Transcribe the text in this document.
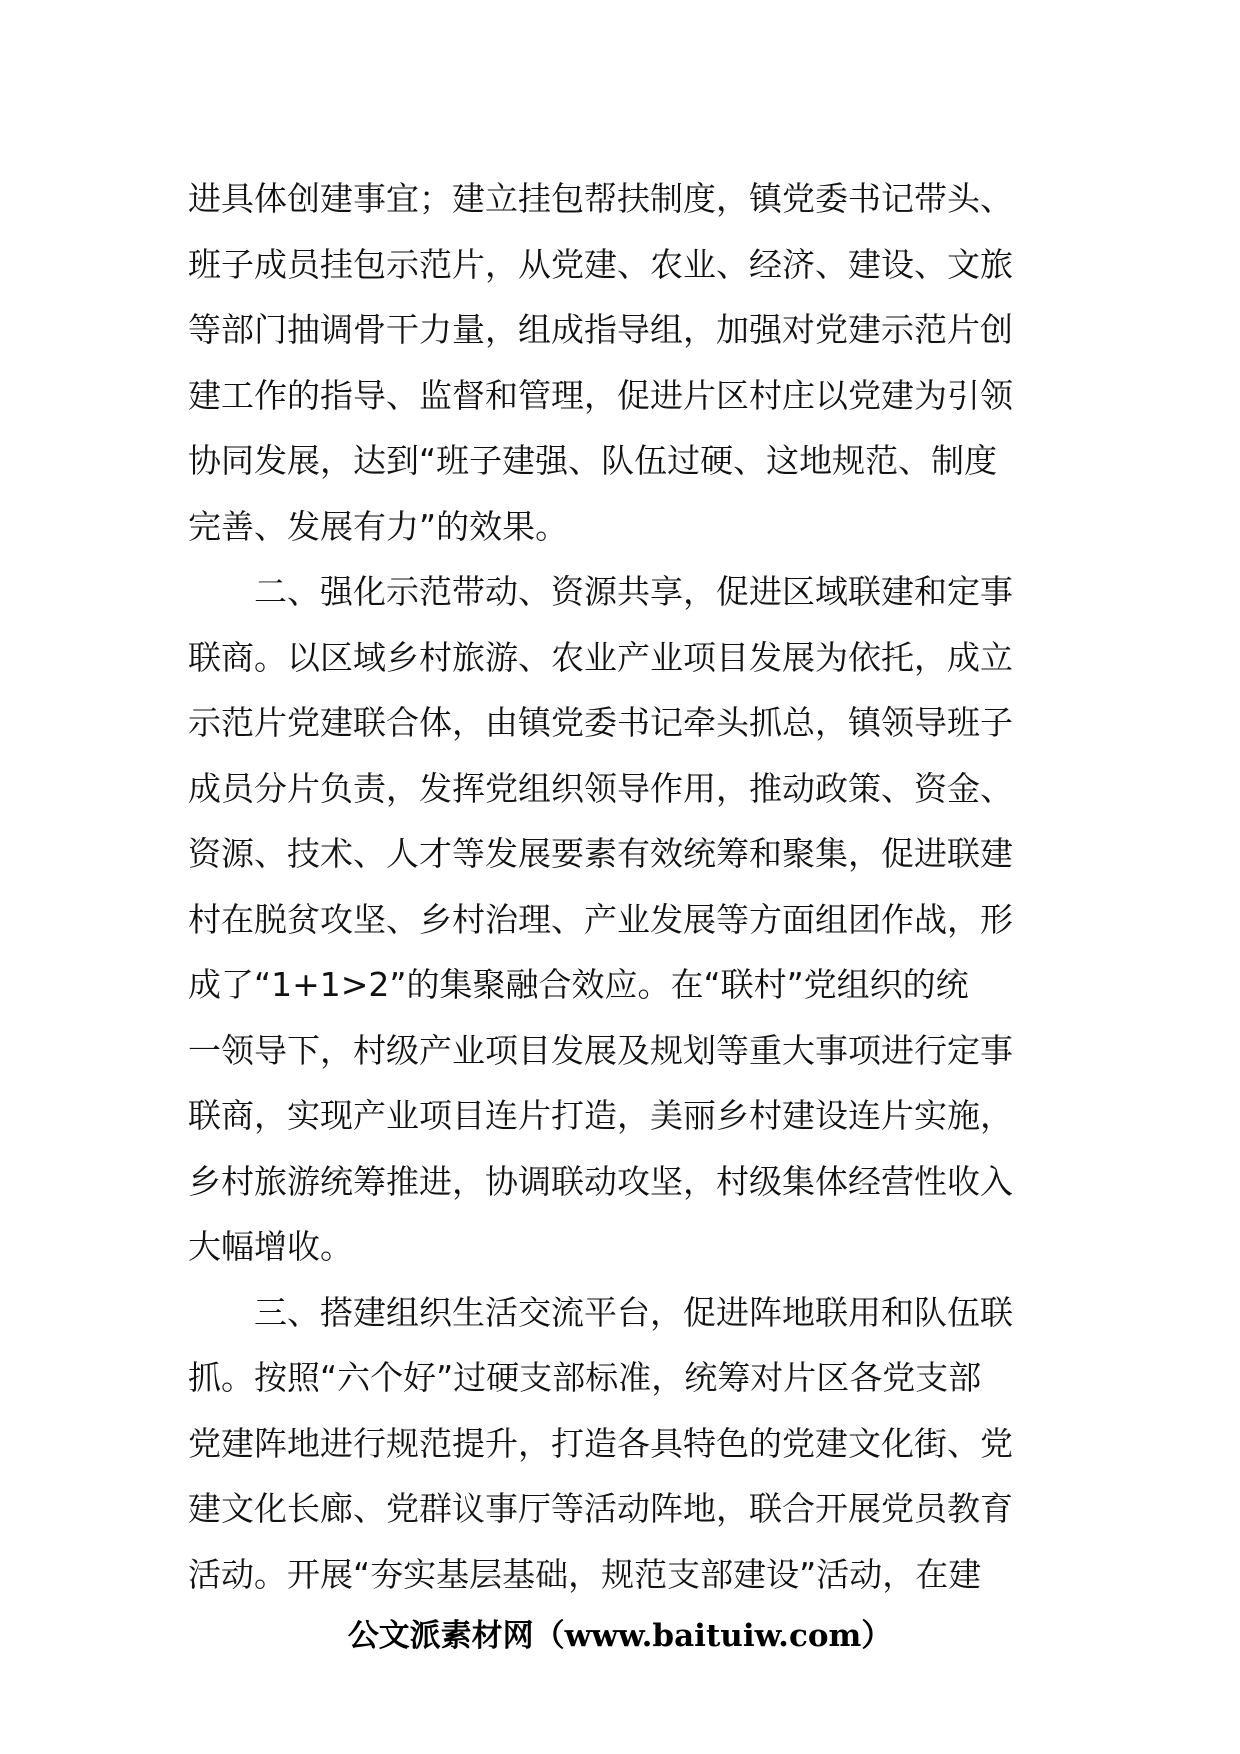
进具体创建事宜；建立挂包帮扶制度，镇党委书记带头、
班子成员挂包示范片，从党建、农业、经济、建设、文旅
等部门抽调骨干力量，组成指导组，加强对党建示范片创
建工作的指导、监督和管理，促进片区村庄以党建为引领
协同发展，达到“班子建强、队伍过硬、这地规范、制度
完善、发展有力”的效果。
二、强化示范带动、资源共享，促进区域联建和定事
联商。以区域乡村旅游、农业产业项目发展为依托，成立
示范片党建联合体，由镇党委书记牵头抓总，镇领导班子
成员分片负责，发挥党组织领导作用，推动政策、资金、
资源、技术、人才等发展要素有效统筹和聚集，促进联建
村在脱贫攻坚、乡村治理、产业发展等方面组团作战，形
成了“1+1>2”的集聚融合效应。在“联村”党组织的统
一领导下，村级产业项目发展及规划等重大事项进行定事
联商，实现产业项目连片打造，美丽乡村建设连片实施，
乡村旅游统筹推进，协调联动攻坚，村级集体经营性收入
大幅增收。
三、搭建组织生活交流平台，促进阵地联用和队伍联
抓。按照“六个好”过硬支部标准，统筹对片区各党支部
党建阵地进行规范提升，打造各具特色的党建文化街、党
建文化长廊、党群议事厅等活动阵地，联合开展党员教育
活动。开展“夯实基层基础，规范支部建设”活动，在建
公文派素材网（www.baituiw.com）
